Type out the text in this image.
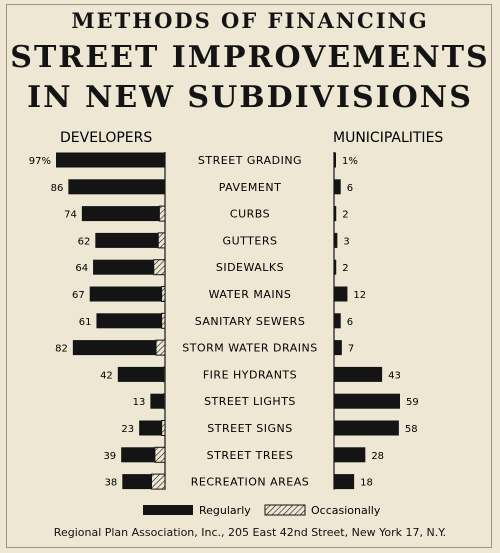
METHODS OF FINANCING
STREET IMPROVEMENTS
IN NEW SUBDIVISIONS
DEVELOPERS	MUNICIPALITIES
97%	STREET GRADING	1%
86	PAVEMENT	6
74	CURBS	2
62	GUTTERS	3
64	SIDEWALKS	2
67	WATER MAINS	12
61	SANITARY SEWERS	6
82	STORM WATER DRAINS	7
42	FIRE HYDRANTS	43
13	STREET LIGHTS	59
23	STREET SIGNS	58
39	STREET TREES	28
38	RECREATION AREAS	18
Regularly	Occasionally
Regional Plan Association, Inc., 205 East 42nd Street, New York 17, N.Y.
